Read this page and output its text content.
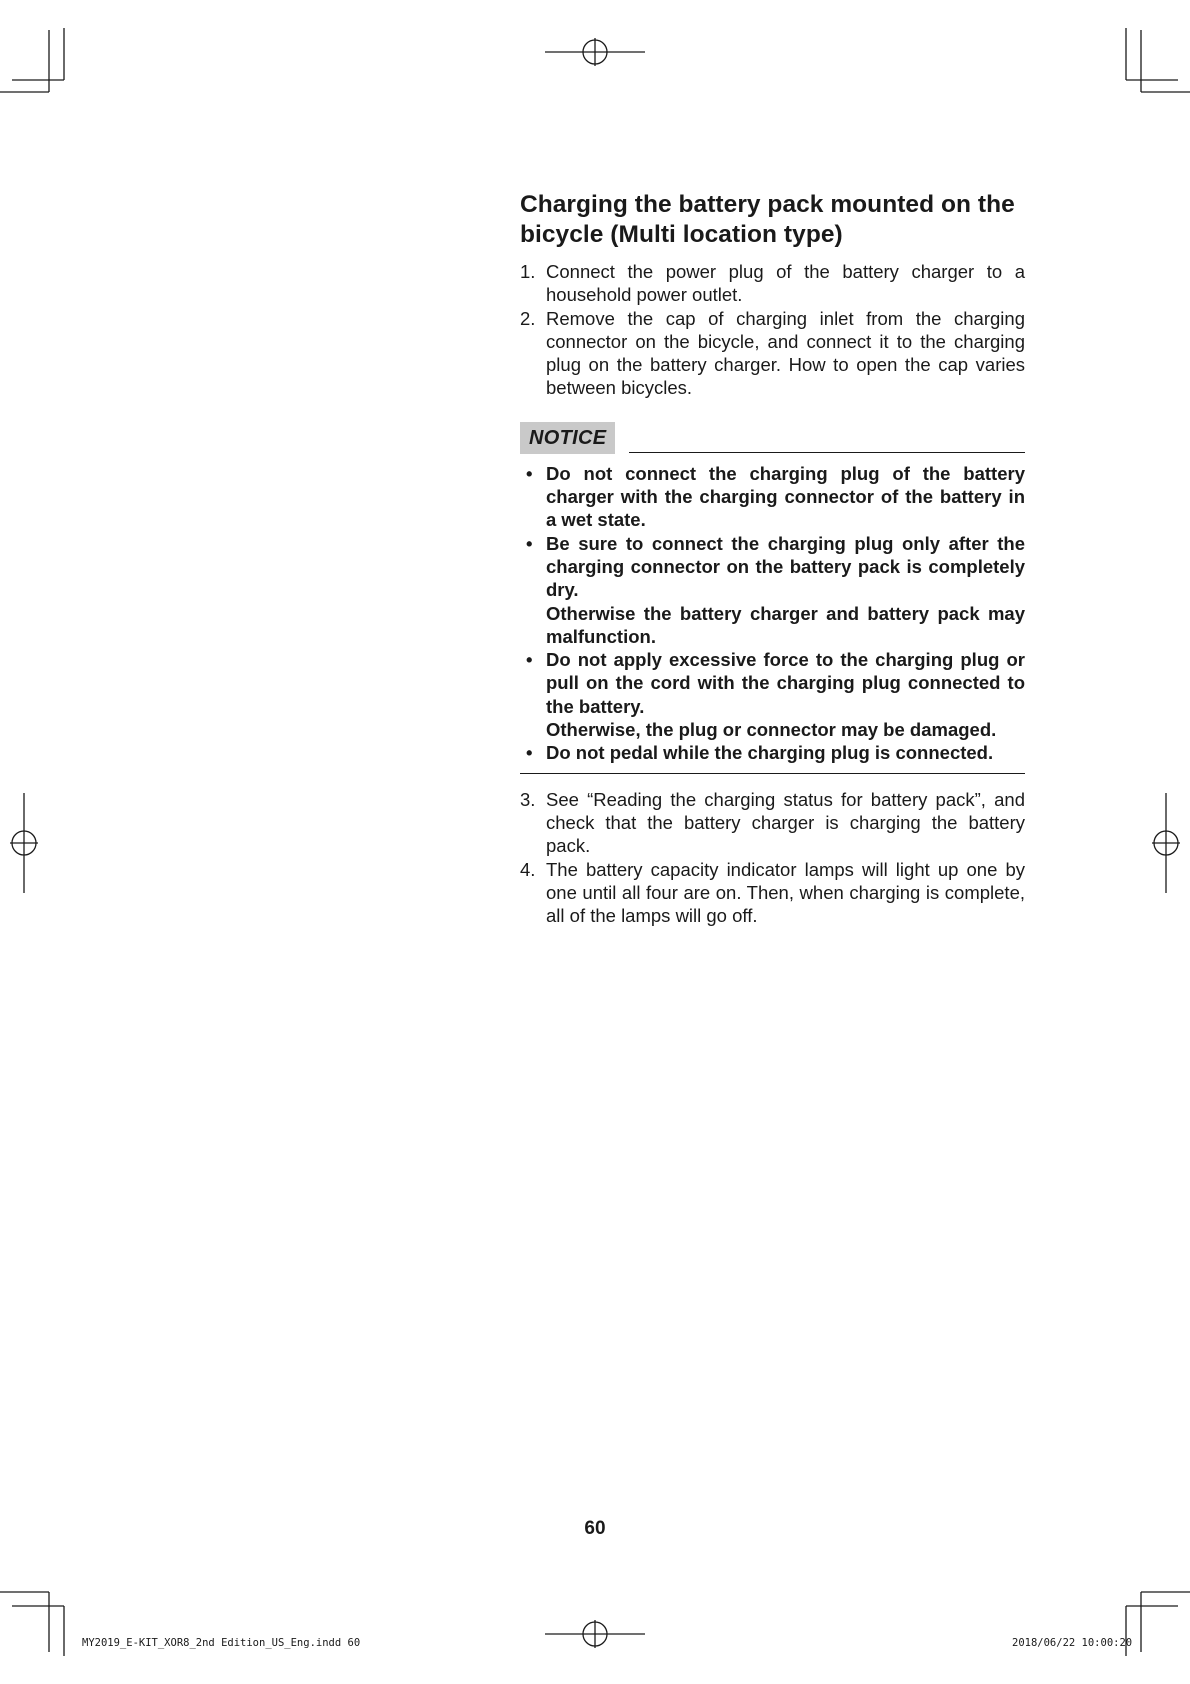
Charging the battery pack mounted on the bicycle (Multi location type)
1. Connect the power plug of the battery charger to a household power outlet.
2. Remove the cap of charging inlet from the charging connector on the bicycle, and connect it to the charging plug on the battery charger. How to open the cap varies between bicycles.
NOTICE
• Do not connect the charging plug of the battery charger with the charging connector of the battery in a wet state.
• Be sure to connect the charging plug only after the charging connector on the battery pack is completely dry.
Otherwise the battery charger and battery pack may malfunction.
• Do not apply excessive force to the charging plug or pull on the cord with the charging plug connected to the battery.
Otherwise, the plug or connector may be damaged.
• Do not pedal while the charging plug is connected.
3. See “Reading the charging status for battery pack”, and check that the battery charger is charging the battery pack.
4. The battery capacity indicator lamps will light up one by one until all four are on. Then, when charging is complete, all of the lamps will go off.
60
MY2019_E-KIT_XOR8_2nd Edition_US_Eng.indd 60	2018/06/22 10:00:20
